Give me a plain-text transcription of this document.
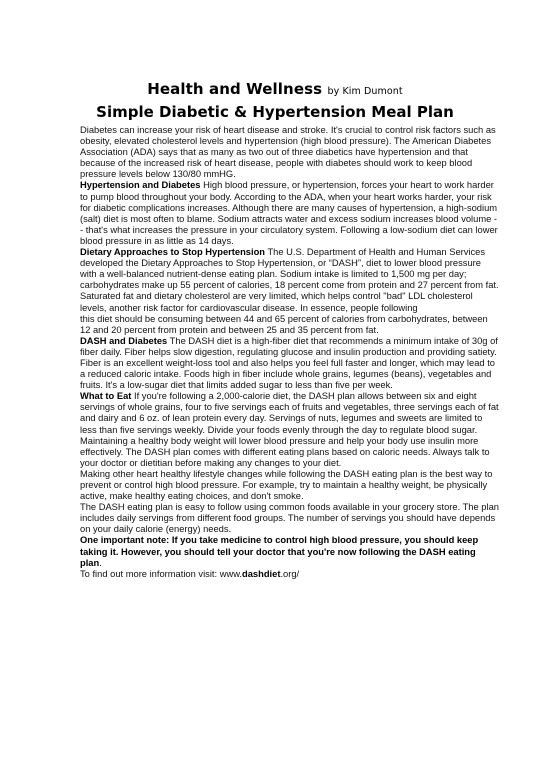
Health and Wellness by Kim Dumont
Simple Diabetic & Hypertension Meal Plan

Diabetes can increase your risk of heart disease and stroke. It's crucial to control risk factors such as obesity, elevated cholesterol levels and hypertension (high blood pressure). The American Diabetes Association (ADA) says that as many as two out of three diabetics have hypertension and that because of the increased risk of heart disease, people with diabetes should work to keep blood pressure levels below 130/80 mmHG.

Hypertension and Diabetes High blood pressure, or hypertension, forces your heart to work harder to pump blood throughout your body. According to the ADA, when your heart works harder, your risk for diabetic complications increases. Although there are many causes of hypertension, a high-sodium (salt) diet is most often to blame. Sodium attracts water and excess sodium increases blood volume -- that's what increases the pressure in your circulatory system. Following a low-sodium diet can lower blood pressure in as little as 14 days.

Dietary Approaches to Stop Hypertension The U.S. Department of Health and Human Services developed the Dietary Approaches to Stop Hypertension, or “DASH”, diet to lower blood pressure with a well-balanced nutrient-dense eating plan. Sodium intake is limited to 1,500 mg per day; carbohydrates make up 55 percent of calories, 18 percent come from protein and 27 percent from fat. Saturated fat and dietary cholesterol are very limited, which helps control "bad" LDL cholesterol levels, another risk factor for cardiovascular disease. In essence, people following

this diet should be consuming between 44 and 65 percent of calories from carbohydrates, between 12 and 20 percent from protein and between 25 and 35 percent from fat.

DASH and Diabetes The DASH diet is a high-fiber diet that recommends a minimum intake of 30g of fiber daily. Fiber helps slow digestion, regulating glucose and insulin production and providing satiety. Fiber is an excellent weight-loss tool and also helps you feel full faster and longer, which may lead to a reduced caloric intake. Foods high in fiber include whole grains, legumes (beans), vegetables and fruits. It's a low-sugar diet that limits added sugar to less than five per week.

What to Eat If you're following a 2,000-calorie diet, the DASH plan allows between six and eight servings of whole grains, four to five servings each of fruits and vegetables, three servings each of fat and dairy and 6 oz. of lean protein every day. Servings of nuts, legumes and sweets are limited to less than five servings weekly. Divide your foods evenly through the day to regulate blood sugar. Maintaining a healthy body weight will lower blood pressure and help your body use insulin more effectively. The DASH plan comes with different eating plans based on caloric needs. Always talk to your doctor or dietitian before making any changes to your diet.

Making other heart healthy lifestyle changes while following the DASH eating plan is the best way to prevent or control high blood pressure. For example, try to maintain a healthy weight, be physically active, make healthy eating choices, and don't smoke.

The DASH eating plan is easy to follow using common foods available in your grocery store. The plan includes daily servings from different food groups. The number of servings you should have depends on your daily calorie (energy) needs.

One important note: If you take medicine to control high blood pressure, you should keep taking it. However, you should tell your doctor that you're now following the DASH eating plan.

To find out more information visit: www.dashdiet.org/
